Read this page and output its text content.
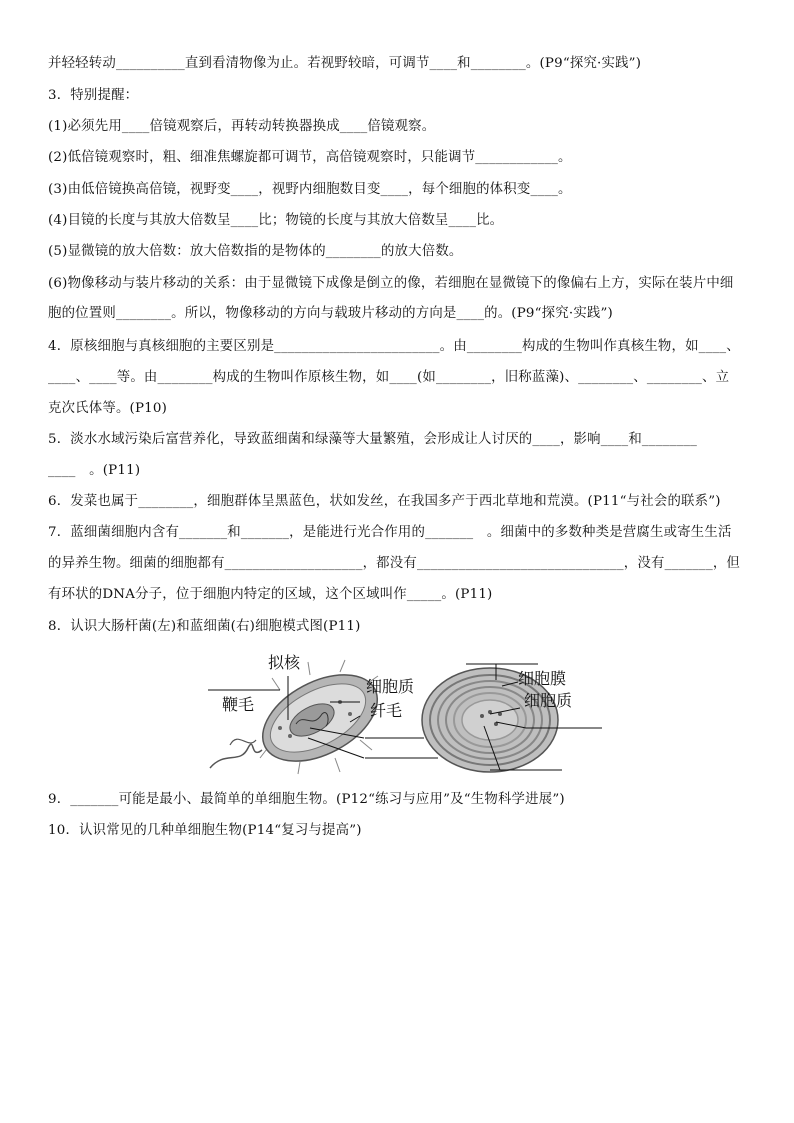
并轻轻转动__________直到看清物像为止。若视野较暗，可调节____和________。(P9“探究·实践”)
3．特别提醒：
(1)必须先用____倍镜观察后，再转动转换器换成____倍镜观察。
(2)低倍镜观察时，粗、细准焦螺旋都可调节，高倍镜观察时，只能调节____________。
(3)由低倍镜换高倍镜，视野变____，视野内细胞数目变____，每个细胞的体积变____。
(4)目镜的长度与其放大倍数呈____比；物镜的长度与其放大倍数呈____比。
(5)显微镜的放大倍数：放大倍数指的是物体的________的放大倍数。
(6)物像移动与装片移动的关系：由于显微镜下成像是倒立的像，若细胞在显微镜下的像偏右上方，实际在装片中细
胞的位置则________。所以，物像移动的方向与载玻片移动的方向是____的。(P9“探究·实践”)
4．原核细胞与真核细胞的主要区别是________________________。由________构成的生物叫作真核生物，如____、
____、____等。由________构成的生物叫作原核生物，如____(如________，旧称蓝藻)、________、________、立
克次氏体等。(P10)
5．淡水水域污染后富营养化，导致蓝细菌和绿藻等大量繁殖，会形成让人讨厌的____，影响____和________
____　。(P11)
6．发菜也属于________，细胞群体呈黑蓝色，状如发丝，在我国多产于西北草地和荒漠。(P11“与社会的联系”)
7．蓝细菌细胞内含有_______和_______，是能进行光合作用的_______　。细菌中的多数种类是营腐生或寄生生活
的异养生物。细菌的细胞都有____________________，都没有______________________________，没有_______，但
有环状的DNA分子，位于细胞内特定的区域，这个区域叫作_____。(P11)
8．认识大肠杆菌(左)和蓝细菌(右)细胞模式图(P11)
拟核
鞭毛
细胞质
纤毛
细胞膜
细胞质
9．_______可能是最小、最简单的单细胞生物。(P12“练习与应用”及“生物科学进展”)
10．认识常见的几种单细胞生物(P14“复习与提高”)
